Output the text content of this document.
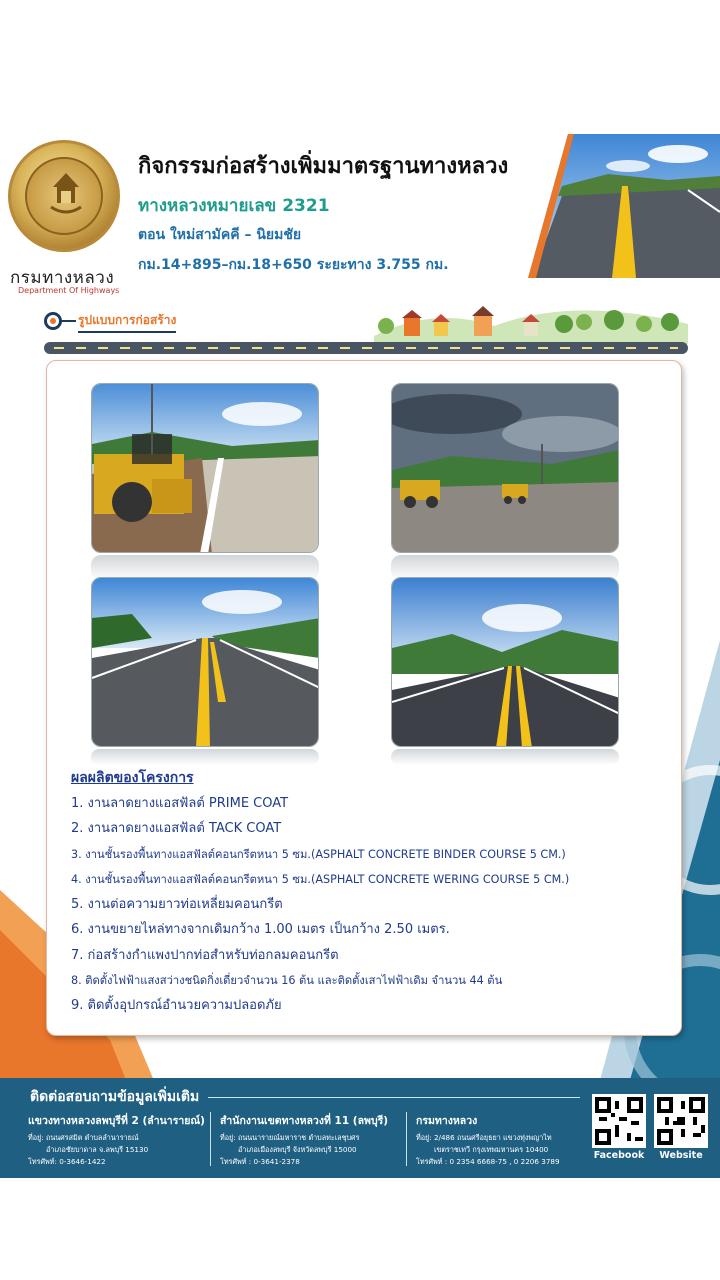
กรมทางหลวง
Department Of Highways
กิจกรรมก่อสร้างเพิ่มมาตรฐานทางหลวง
ทางหลวงหมายเลข 2321
ตอน ใหม่สามัคคี – นิยมชัย
กม.14+895–กม.18+650 ระยะทาง 3.755 กม.
รูปแบบการก่อสร้าง
ผลผลิตของโครงการ
1. งานลาดยางแอสฟัลต์ PRIME COAT
2. งานลาดยางแอสฟัลต์ TACK COAT
3. งานชั้นรองพื้นทางแอสฟัลต์คอนกรีตหนา 5 ซม.(ASPHALT CONCRETE BINDER COURSE 5 CM.)
4. งานชั้นรองพื้นทางแอสฟัลต์คอนกรีตหนา 5 ซม.(ASPHALT CONCRETE WERING COURSE 5 CM.)
5. งานต่อความยาวท่อเหลี่ยมคอนกรีต
6. งานขยายไหล่ทางจากเดิมกว้าง 1.00 เมตร เป็นกว้าง 2.50 เมตร.
7. ก่อสร้างกำแพงปากท่อสำหรับท่อกลมคอนกรีต
8. ติดตั้งไฟฟ้าแสงสว่างชนิดกิ่งเดี่ยวจำนวน 16 ต้น และติดตั้งเสาไฟฟ้าเดิม จำนวน 44 ต้น
9. ติดตั้งอุปกรณ์อำนวยความปลอดภัย
ติดต่อสอบถามข้อมูลเพิ่มเติม
แขวงทางหลวงลพบุรีที่ 2 (ลำนารายณ์)
ที่อยู่: ถนนศรสมิต ตำบลลำนารายณ์
อำเภอชัยบาดาล จ.ลพบุรี 15130
โทรศัพท์: 0-3646-1422
สำนักงานเขตทางหลวงที่ 11 (ลพบุรี)
ที่อยู่: ถนนนารายณ์มหาราช ตำบลทะเลชุบศร
อำเภอเมืองลพบุรี จังหวัดลพบุรี 15000
โทรศัพท์ : 0-3641-2378
กรมทางหลวง
ที่อยู่: 2/486 ถนนศรีอยุธยา แขวงทุ่งพญาไท
เขตราชเทวี กรุงเทพมหานคร 10400
โทรศัพท์ : 0 2354 6668-75 , 0 2206 3789
Facebook	Website
